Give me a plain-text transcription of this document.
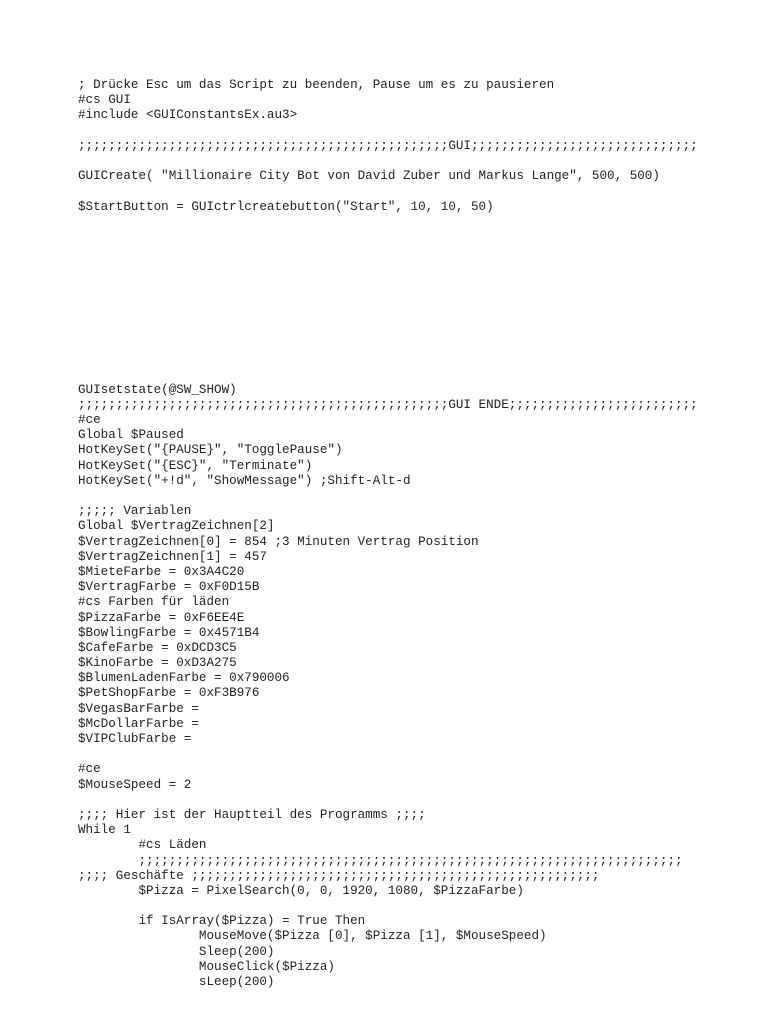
; Drücke Esc um das Script zu beenden, Pause um es zu pausieren
#cs GUI
#include <GUIConstantsEx.au3>
;;;;;;;;;;;;;;;;;;;;;;;;;;;;;;;;;;;;;;;;;;;;;;;;;GUI;;;;;;;;;;;;;;;;;;;;;;;;;;;;;;
GUICreate( "Millionaire City Bot von David Zuber und Markus Lange", 500, 500)
$StartButton = GUIctrlcreatebutton("Start", 10, 10, 50)
GUIsetstate(@SW_SHOW)
;;;;;;;;;;;;;;;;;;;;;;;;;;;;;;;;;;;;;;;;;;;;;;;;;GUI ENDE;;;;;;;;;;;;;;;;;;;;;;;;;
#ce
Global $Paused
HotKeySet("{PAUSE}", "TogglePause")
HotKeySet("{ESC}", "Terminate")
HotKeySet("+!d", "ShowMessage") ;Shift-Alt-d
;;;;; Variablen
Global $VertragZeichnen[2]
$VertragZeichnen[0] = 854 ;3 Minuten Vertrag Position
$VertragZeichnen[1] = 457
$MieteFarbe = 0x3A4C20
$VertragFarbe = 0xF0D15B
#cs Farben für läden
$PizzaFarbe = 0xF6EE4E
$BowlingFarbe = 0x4571B4
$CafeFarbe = 0xDCD3C5
$KinoFarbe = 0xD3A275
$BlumenLadenFarbe = 0x790006
$PetShopFarbe = 0xF3B976
$VegasBarFarbe =
$McDollarFarbe =
$VIPClubFarbe =
#ce
$MouseSpeed = 2
;;;; Hier ist der Hauptteil des Programms ;;;;
While 1
#cs Läden
;;;;;;;;;;;;;;;;;;;;;;;;;;;;;;;;;;;;;;;;;;;;;;;;;;;;;;;;;;;;;;;;;;;;;;;;
;;;; Geschäfte ;;;;;;;;;;;;;;;;;;;;;;;;;;;;;;;;;;;;;;;;;;;;;;;;;;;;;;
$Pizza = PixelSearch(0, 0, 1920, 1080, $PizzaFarbe)
if IsArray($Pizza) = True Then
MouseMove($Pizza [0], $Pizza [1], $MouseSpeed)
Sleep(200)
MouseClick($Pizza)
sLeep(200)
